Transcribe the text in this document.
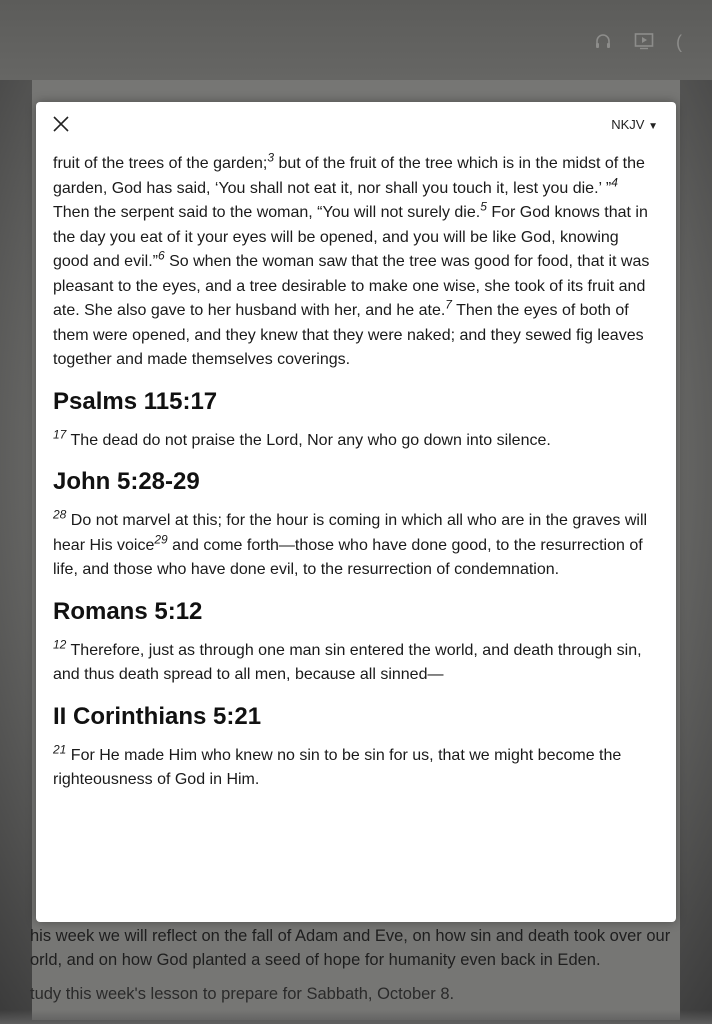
(
his week we will reflect on the fall of Adam and Eve, on how sin and death took over our
orld, and on how God planted a seed of hope for humanity even back in Eden.
tudy this week's lesson to prepare for Sabbath, October 8.
NKJV ▼

fruit of the trees of the garden;$^3$ but of the fruit of the tree which is in the midst of the garden, God has said, ‘You shall not eat it, nor shall you touch it, lest you die.’ ”$^4$ Then the serpent said to the woman, “You will not surely die.$^5$ For God knows that in the day you eat of it your eyes will be opened, and you will be like God, knowing good and evil.”$^6$ So when the woman saw that the tree was good for food, that it was pleasant to the eyes, and a tree desirable to make one wise, she took of its fruit and ate. She also gave to her husband with her, and he ate.$^7$ Then the eyes of both of them were opened, and they knew that they were naked; and they sewed fig leaves together and made themselves coverings.

Psalms 115:17

$^{17}$ The dead do not praise the Lord, Nor any who go down into silence.

John 5:28-29

$^{28}$ Do not marvel at this; for the hour is coming in which all who are in the graves will hear His voice$^{29}$ and come forth—those who have done good, to the resurrection of life, and those who have done evil, to the resurrection of condemnation.

Romans 5:12

$^{12}$ Therefore, just as through one man sin entered the world, and death through sin, and thus death spread to all men, because all sinned—

II Corinthians 5:21

$^{21}$ For He made Him who knew no sin to be sin for us, that we might become the righteousness of God in Him.
